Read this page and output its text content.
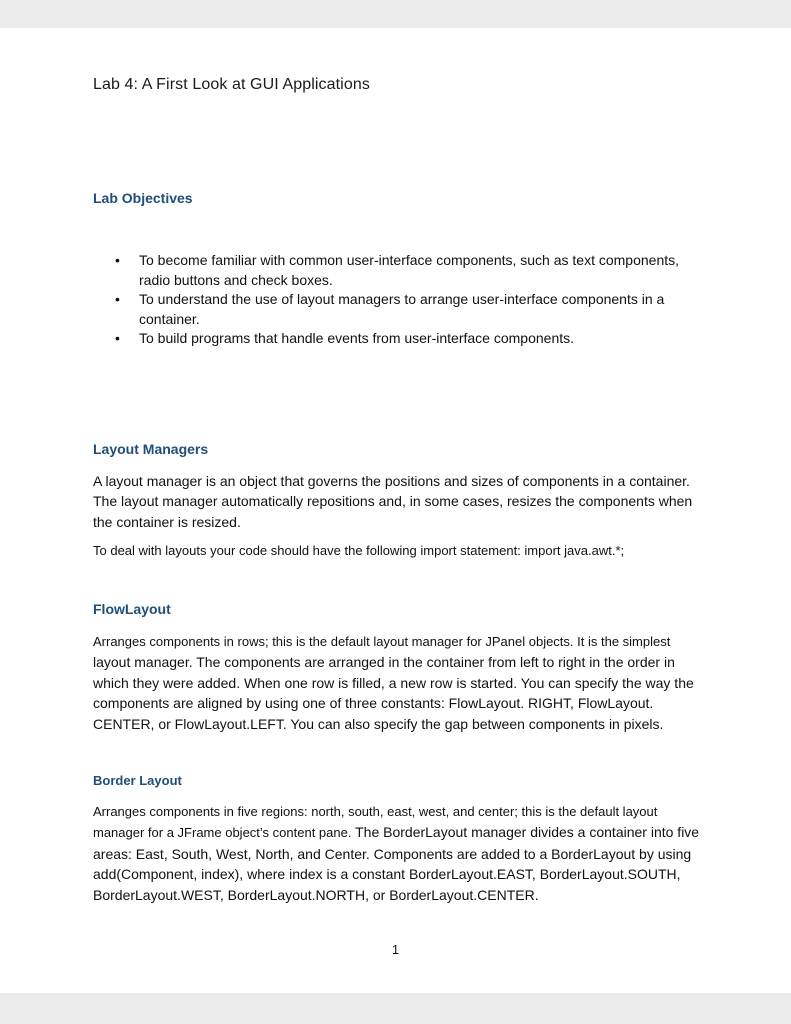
Lab 4: A First Look at GUI Applications
Lab Objectives
• To become familiar with common user-interface components, such as text components, radio buttons and check boxes.
• To understand the use of layout managers to arrange user-interface components in a container.
• To build programs that handle events from user-interface components.
Layout Managers

A layout manager is an object that governs the positions and sizes of components in a container. The layout manager automatically repositions and, in some cases, resizes the components when the container is resized.

To deal with layouts your code should have the following import statement: import java.awt.*;

FlowLayout

Arranges components in rows; this is the default layout manager for JPanel objects. It is the simplest layout manager. The components are arranged in the container from left to right in the order in which they were added. When one row is filled, a new row is started. You can specify the way the components are aligned by using one of three constants: FlowLayout. RIGHT, FlowLayout. CENTER, or FlowLayout.LEFT. You can also specify the gap between components in pixels.

Border Layout

Arranges components in five regions: north, south, east, west, and center; this is the default layout manager for a JFrame object’s content pane. The BorderLayout manager divides a container into five areas: East, South, West, North, and Center. Components are added to a BorderLayout by using add(Component, index), where index is a constant BorderLayout.EAST, BorderLayout.SOUTH, BorderLayout.WEST, BorderLayout.NORTH, or BorderLayout.CENTER.

1
